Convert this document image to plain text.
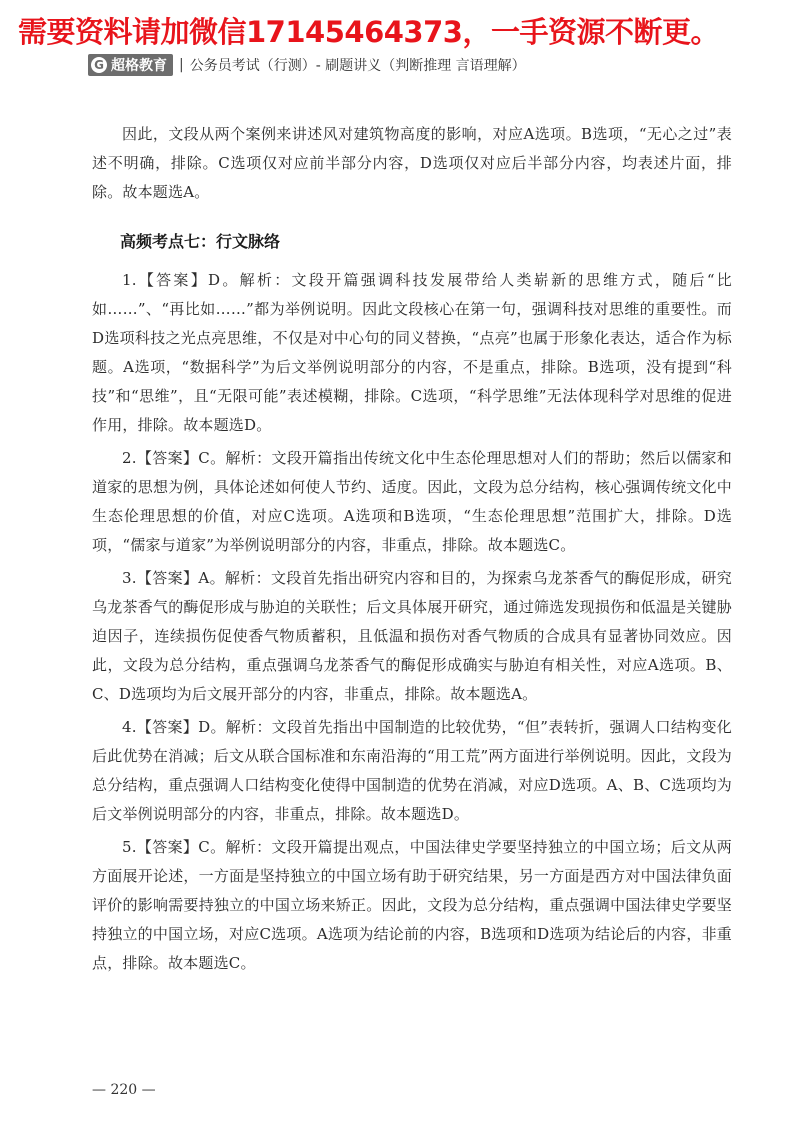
需要资料请加微信17145464373，一手资源不断更。
G 超格教育 | 公务员考试（行测）- 刷题讲义（判断推理 言语理解）

因此，文段从两个案例来讲述风对建筑物高度的影响，对应A选项。B选项，“无心之过”表述不明确，排除。C选项仅对应前半部分内容，D选项仅对应后半部分内容，均表述片面，排除。故本题选A。

高频考点七：行文脉络

1.【答案】D。解析：文段开篇强调科技发展带给人类崭新的思维方式，随后“比如……”、“再比如……”都为举例说明。因此文段核心在第一句，强调科技对思维的重要性。而D选项科技之光点亮思维，不仅是对中心句的同义替换，“点亮”也属于形象化表达，适合作为标题。A选项，“数据科学”为后文举例说明部分的内容，不是重点，排除。B选项，没有提到“科技”和“思维”，且“无限可能”表述模糊，排除。C选项，“科学思维”无法体现科学对思维的促进作用，排除。故本题选D。

2.【答案】C。解析：文段开篇指出传统文化中生态伦理思想对人们的帮助；然后以儒家和道家的思想为例，具体论述如何使人节约、适度。因此，文段为总分结构，核心强调传统文化中生态伦理思想的价值，对应C选项。A选项和B选项，“生态伦理思想”范围扩大，排除。D选项，“儒家与道家”为举例说明部分的内容，非重点，排除。故本题选C。

3.【答案】A。解析：文段首先指出研究内容和目的，为探索乌龙茶香气的酶促形成，研究乌龙茶香气的酶促形成与胁迫的关联性；后文具体展开研究，通过筛选发现损伤和低温是关键胁迫因子，连续损伤促使香气物质蓄积，且低温和损伤对香气物质的合成具有显著协同效应。因此，文段为总分结构，重点强调乌龙茶香气的酶促形成确实与胁迫有相关性，对应A选项。B、C、D选项均为后文展开部分的内容，非重点，排除。故本题选A。

4.【答案】D。解析：文段首先指出中国制造的比较优势，“但”表转折，强调人口结构变化后此优势在消减；后文从联合国标准和东南沿海的“用工荒”两方面进行举例说明。因此，文段为总分结构，重点强调人口结构变化使得中国制造的优势在消减，对应D选项。A、B、C选项均为后文举例说明部分的内容，非重点，排除。故本题选D。

5.【答案】C。解析：文段开篇提出观点，中国法律史学要坚持独立的中国立场；后文从两方面展开论述，一方面是坚持独立的中国立场有助于研究结果，另一方面是西方对中国法律负面评价的影响需要持独立的中国立场来矫正。因此，文段为总分结构，重点强调中国法律史学要坚持独立的中国立场，对应C选项。A选项为结论前的内容，B选项和D选项为结论后的内容，非重点，排除。故本题选C。

— 220 —
